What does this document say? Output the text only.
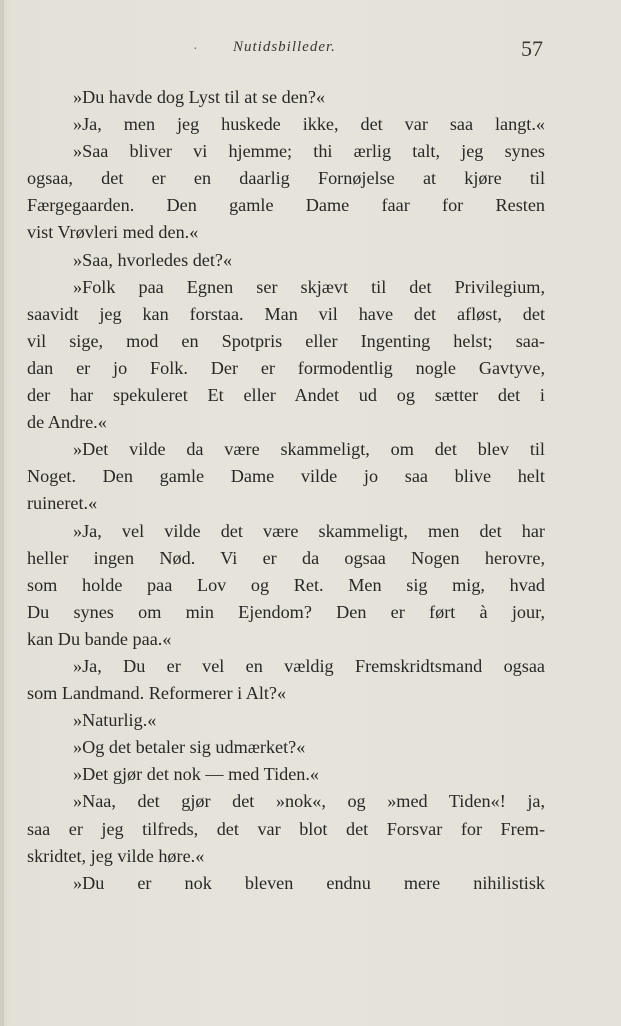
· Nutidsbilleder.	57
»Du havde dog Lyst til at se den?«
»Ja, men jeg huskede ikke, det var saa langt.«
»Saa bliver vi hjemme; thi ærlig talt, jeg synes
ogsaa, det er en daarlig Fornøjelse at kjøre til
Færgegaarden. Den gamle Dame faar for Resten
vist Vrøvleri med den.«
»Saa, hvorledes det?«
»Folk paa Egnen ser skjævt til det Privilegium,
saavidt jeg kan forstaa. Man vil have det afløst, det
vil sige, mod en Spotpris eller Ingenting helst; saa-
dan er jo Folk. Der er formodentlig nogle Gavtyve,
der har spekuleret Et eller Andet ud og sætter det i
de Andre.«
»Det vilde da være skammeligt, om det blev til
Noget. Den gamle Dame vilde jo saa blive helt
ruineret.«
»Ja, vel vilde det være skammeligt, men det har
heller ingen Nød. Vi er da ogsaa Nogen herovre,
som holde paa Lov og Ret. Men sig mig, hvad
Du synes om min Ejendom? Den er ført à jour,
kan Du bande paa.«
»Ja, Du er vel en vældig Fremskridtsmand ogsaa
som Landmand. Reformerer i Alt?«
»Naturlig.«
»Og det betaler sig udmærket?«
»Det gjør det nok — med Tiden.«
»Naa, det gjør det »nok«, og »med Tiden«! ja,
saa er jeg tilfreds, det var blot det Forsvar for Frem-
skridtet, jeg vilde høre.«
»Du er nok bleven endnu mere nihilistisk
